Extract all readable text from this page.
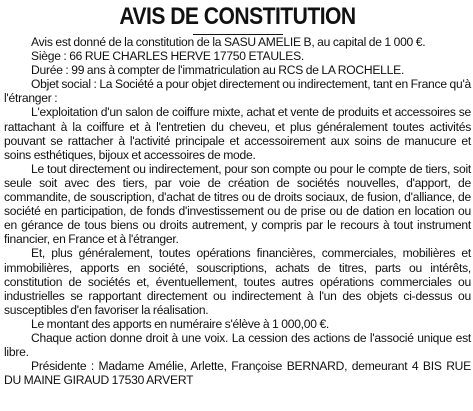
AVIS DE CONSTITUTION

Avis est donné de la constitution de la SASU AMELIE B, au capital de 1 000 €.

Siège : 66 RUE CHARLES HERVE 17750 ETAULES.

Durée : 99 ans à compter de l'immatriculation au RCS de LA ROCHELLE.

Objet social : La Société a pour objet directement ou indirectement, tant en France qu'à l'étranger :

L'exploitation d'un salon de coiffure mixte, achat et vente de produits et accessoires se rattachant à la coiffure et à l'entretien du cheveu, et plus généralement toutes activités pouvant se rattacher à l'activité principale et accessoirement aux soins de manucure et soins esthétiques, bijoux et accessoires de mode.

Le tout directement ou indirectement, pour son compte ou pour le compte de tiers, soit seule soit avec des tiers, par voie de création de sociétés nouvelles, d'apport, de commandite, de souscription, d'achat de titres ou de droits sociaux, de fusion, d'alliance, de société en participation, de fonds d'investissement ou de prise ou de dation en location ou en gérance de tous biens ou droits autrement, y compris par le recours à tout instrument financier, en France et à l'étranger.

Et, plus généralement, toutes opérations financières, commerciales, mobilières et immobilières, apports en société, souscriptions, achats de titres, parts ou intérêts, constitution de sociétés et, éventuellement, toutes autres opérations commerciales ou industrielles se rapportant directement ou indirectement à l'un des objets ci-dessus ou susceptibles d'en favoriser la réalisation.

Le montant des apports en numéraire s'élève à 1 000,00 €.

Chaque action donne droit à une voix. La cession des actions de l'associé unique est libre.

Présidente : Madame Amélie, Arlette, Françoise BERNARD, demeurant 4 BIS RUE DU MAINE GIRAUD 17530 ARVERT
